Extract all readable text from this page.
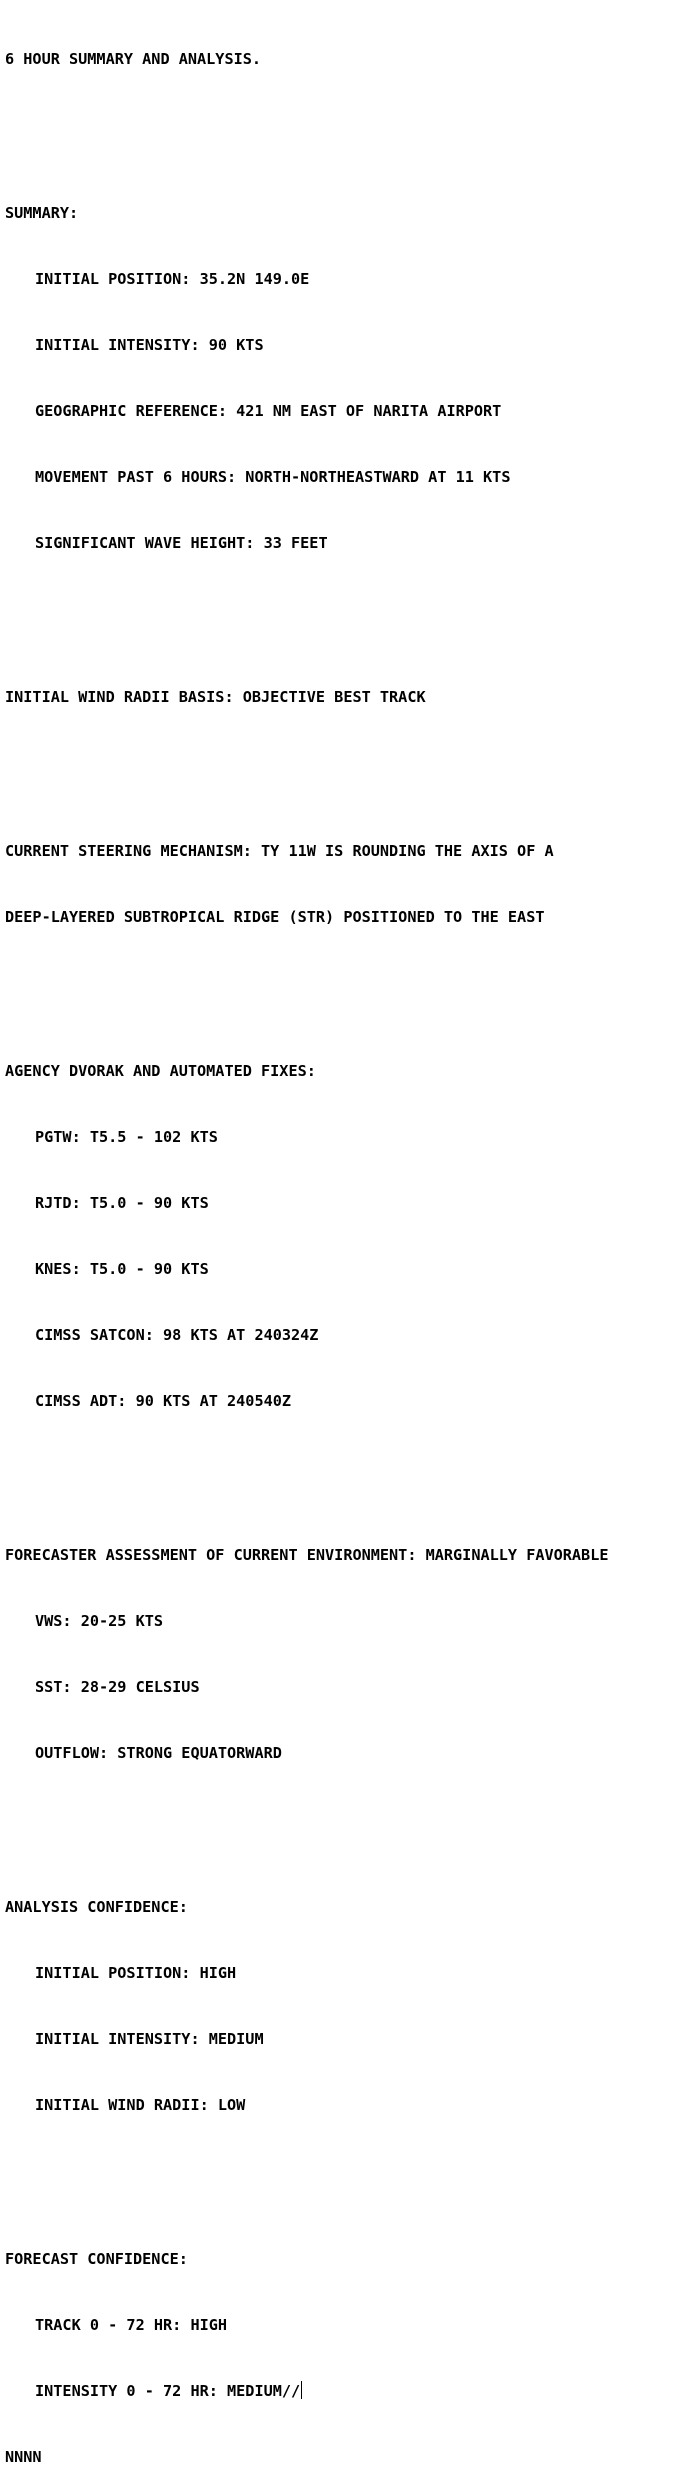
6 HOUR SUMMARY AND ANALYSIS.

SUMMARY:

INITIAL POSITION: 35.2N 149.0E

INITIAL INTENSITY: 90 KTS

GEOGRAPHIC REFERENCE: 421 NM EAST OF NARITA AIRPORT

MOVEMENT PAST 6 HOURS: NORTH-NORTHEASTWARD AT 11 KTS

SIGNIFICANT WAVE HEIGHT: 33 FEET

INITIAL WIND RADII BASIS: OBJECTIVE BEST TRACK

CURRENT STEERING MECHANISM: TY 11W IS ROUNDING THE AXIS OF A

DEEP-LAYERED SUBTROPICAL RIDGE (STR) POSITIONED TO THE EAST

AGENCY DVORAK AND AUTOMATED FIXES:

PGTW: T5.5 - 102 KTS

RJTD: T5.0 - 90 KTS

KNES: T5.0 - 90 KTS

CIMSS SATCON: 98 KTS AT 240324Z

CIMSS ADT: 90 KTS AT 240540Z

FORECASTER ASSESSMENT OF CURRENT ENVIRONMENT: MARGINALLY FAVORABLE

VWS: 20-25 KTS

SST: 28-29 CELSIUS

OUTFLOW: STRONG EQUATORWARD

ANALYSIS CONFIDENCE:

INITIAL POSITION: HIGH

INITIAL INTENSITY: MEDIUM

INITIAL WIND RADII: LOW

FORECAST CONFIDENCE:

TRACK 0 - 72 HR: HIGH

INTENSITY 0 - 72 HR: MEDIUM//

NNNN
